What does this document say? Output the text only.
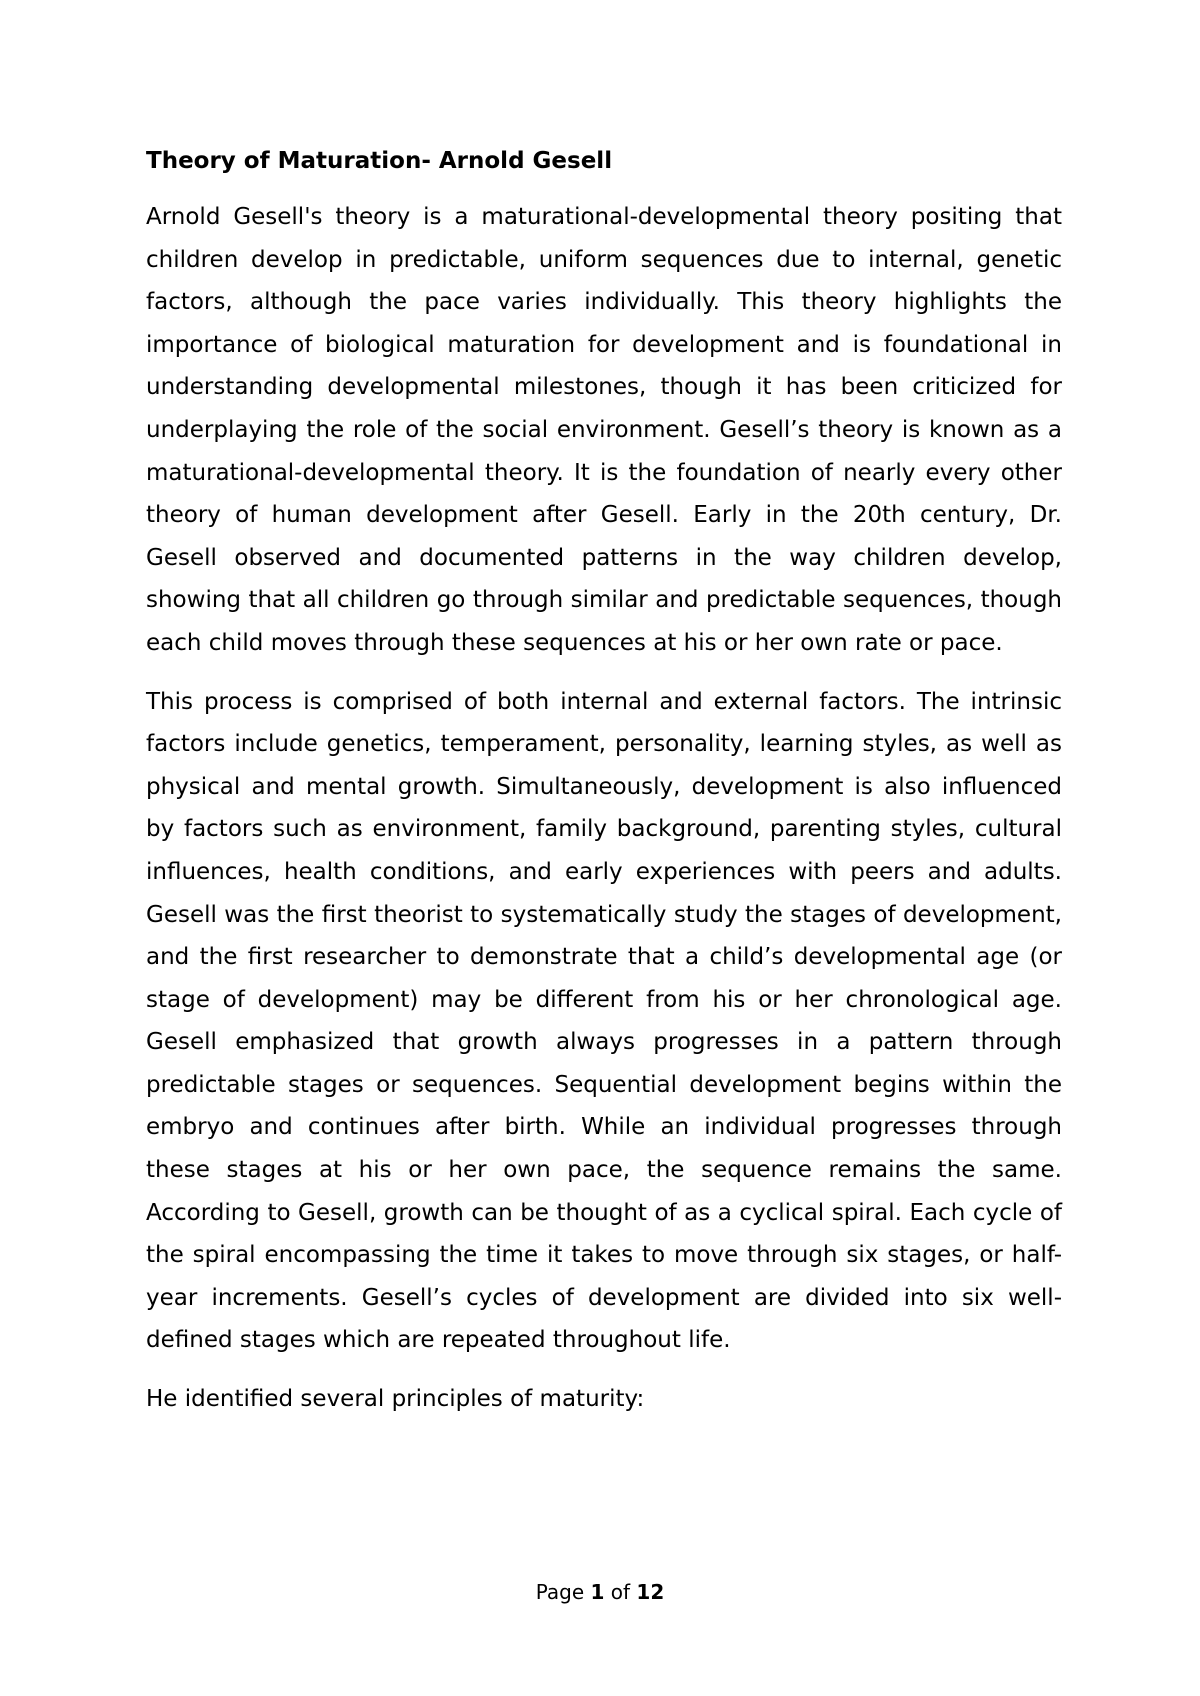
Theory of Maturation- Arnold Gesell

Arnold Gesell's theory is a maturational-developmental theory positing that children develop in predictable, uniform sequences due to internal, genetic factors, although the pace varies individually. This theory highlights the importance of biological maturation for development and is foundational in understanding developmental milestones, though it has been criticized for underplaying the role of the social environment. Gesell’s theory is known as a maturational-developmental theory. It is the foundation of nearly every other theory of human development after Gesell. Early in the 20th century, Dr. Gesell observed and documented patterns in the way children develop, showing that all children go through similar and predictable sequences, though each child moves through these sequences at his or her own rate or pace.

This process is comprised of both internal and external factors. The intrinsic factors include genetics, temperament, personality, learning styles, as well as physical and mental growth. Simultaneously, development is also influenced by factors such as environment, family background, parenting styles, cultural influences, health conditions, and early experiences with peers and adults. Gesell was the first theorist to systematically study the stages of development, and the first researcher to demonstrate that a child’s developmental age (or stage of development) may be different from his or her chronological age. Gesell emphasized that growth always progresses in a pattern through predictable stages or sequences. Sequential development begins within the embryo and continues after birth. While an individual progresses through these stages at his or her own pace, the sequence remains the same. According to Gesell, growth can be thought of as a cyclical spiral. Each cycle of the spiral encompassing the time it takes to move through six stages, or half-year increments. Gesell’s cycles of development are divided into six well-defined stages which are repeated throughout life.

He identified several principles of maturity:

Page 1 of 12
